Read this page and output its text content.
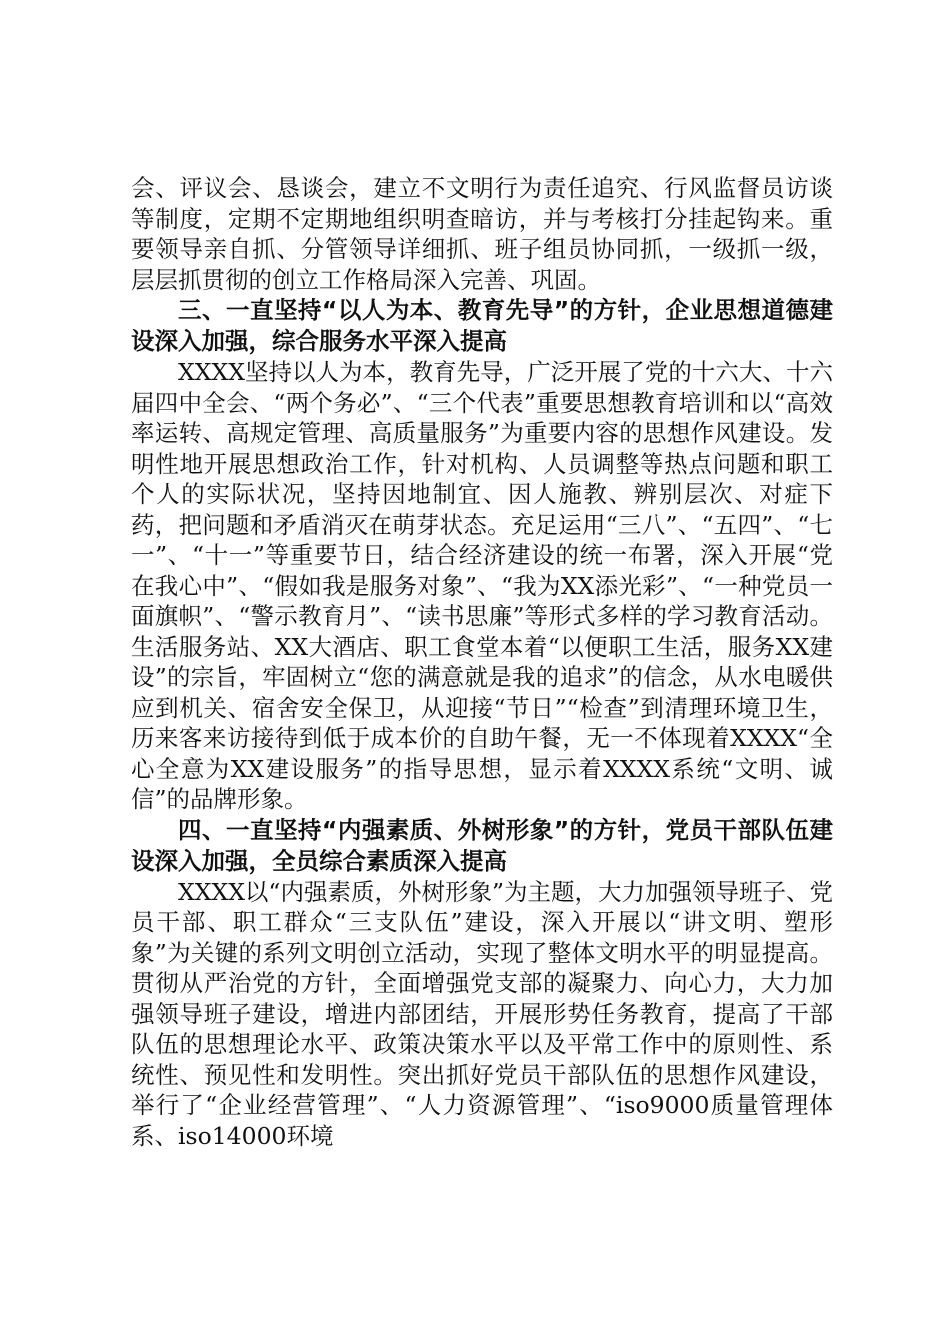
会、评议会、恳谈会，建立不文明行为责任追究、行风监督员访谈等制度，定期不定期地组织明查暗访，并与考核打分挂起钩来。重要领导亲自抓、分管领导详细抓、班子组员协同抓，一级抓一级，层层抓贯彻的创立工作格局深入完善、巩固。

三、一直坚持“以人为本、教育先导”的方针，企业思想道德建设深入加强，综合服务水平深入提高

XXXX坚持以人为本，教育先导，广泛开展了党的十六大、十六届四中全会、“两个务必”、“三个代表”重要思想教育培训和以“高效率运转、高规定管理、高质量服务”为重要内容的思想作风建设。发明性地开展思想政治工作，针对机构、人员调整等热点问题和职工个人的实际状况，坚持因地制宜、因人施教、辨别层次、对症下药，把问题和矛盾消灭在萌芽状态。充足运用“三八”、“五四”、“七一”、“十一”等重要节日，结合经济建设的统一布署，深入开展“党在我心中”、“假如我是服务对象”、“我为XX添光彩”、“一种党员一面旗帜”、“警示教育月”、“读书思廉”等形式多样的学习教育活动。生活服务站、XX大酒店、职工食堂本着“以便职工生活，服务XX建设”的宗旨，牢固树立“您的满意就是我的追求”的信念，从水电暖供应到机关、宿舍安全保卫，从迎接“节日”“检查”到清理环境卫生，历来客来访接待到低于成本价的自助午餐，无一不体现着XXXX“全心全意为XX建设服务”的指导思想，显示着XXXX系统“文明、诚信”的品牌形象。

四、一直坚持“内强素质、外树形象”的方针，党员干部队伍建设深入加强，全员综合素质深入提高

XXXX以“内强素质，外树形象”为主题，大力加强领导班子、党员干部、职工群众“三支队伍”建设，深入开展以“讲文明、塑形象”为关键的系列文明创立活动，实现了整体文明水平的明显提高。贯彻从严治党的方针，全面增强党支部的凝聚力、向心力，大力加强领导班子建设，增进内部团结，开展形势任务教育，提高了干部队伍的思想理论水平、政策决策水平以及平常工作中的原则性、系统性、预见性和发明性。突出抓好党员干部队伍的思想作风建设，举行了“企业经营管理”、“人力资源管理”、“iso9000质量管理体系、iso14000环境
